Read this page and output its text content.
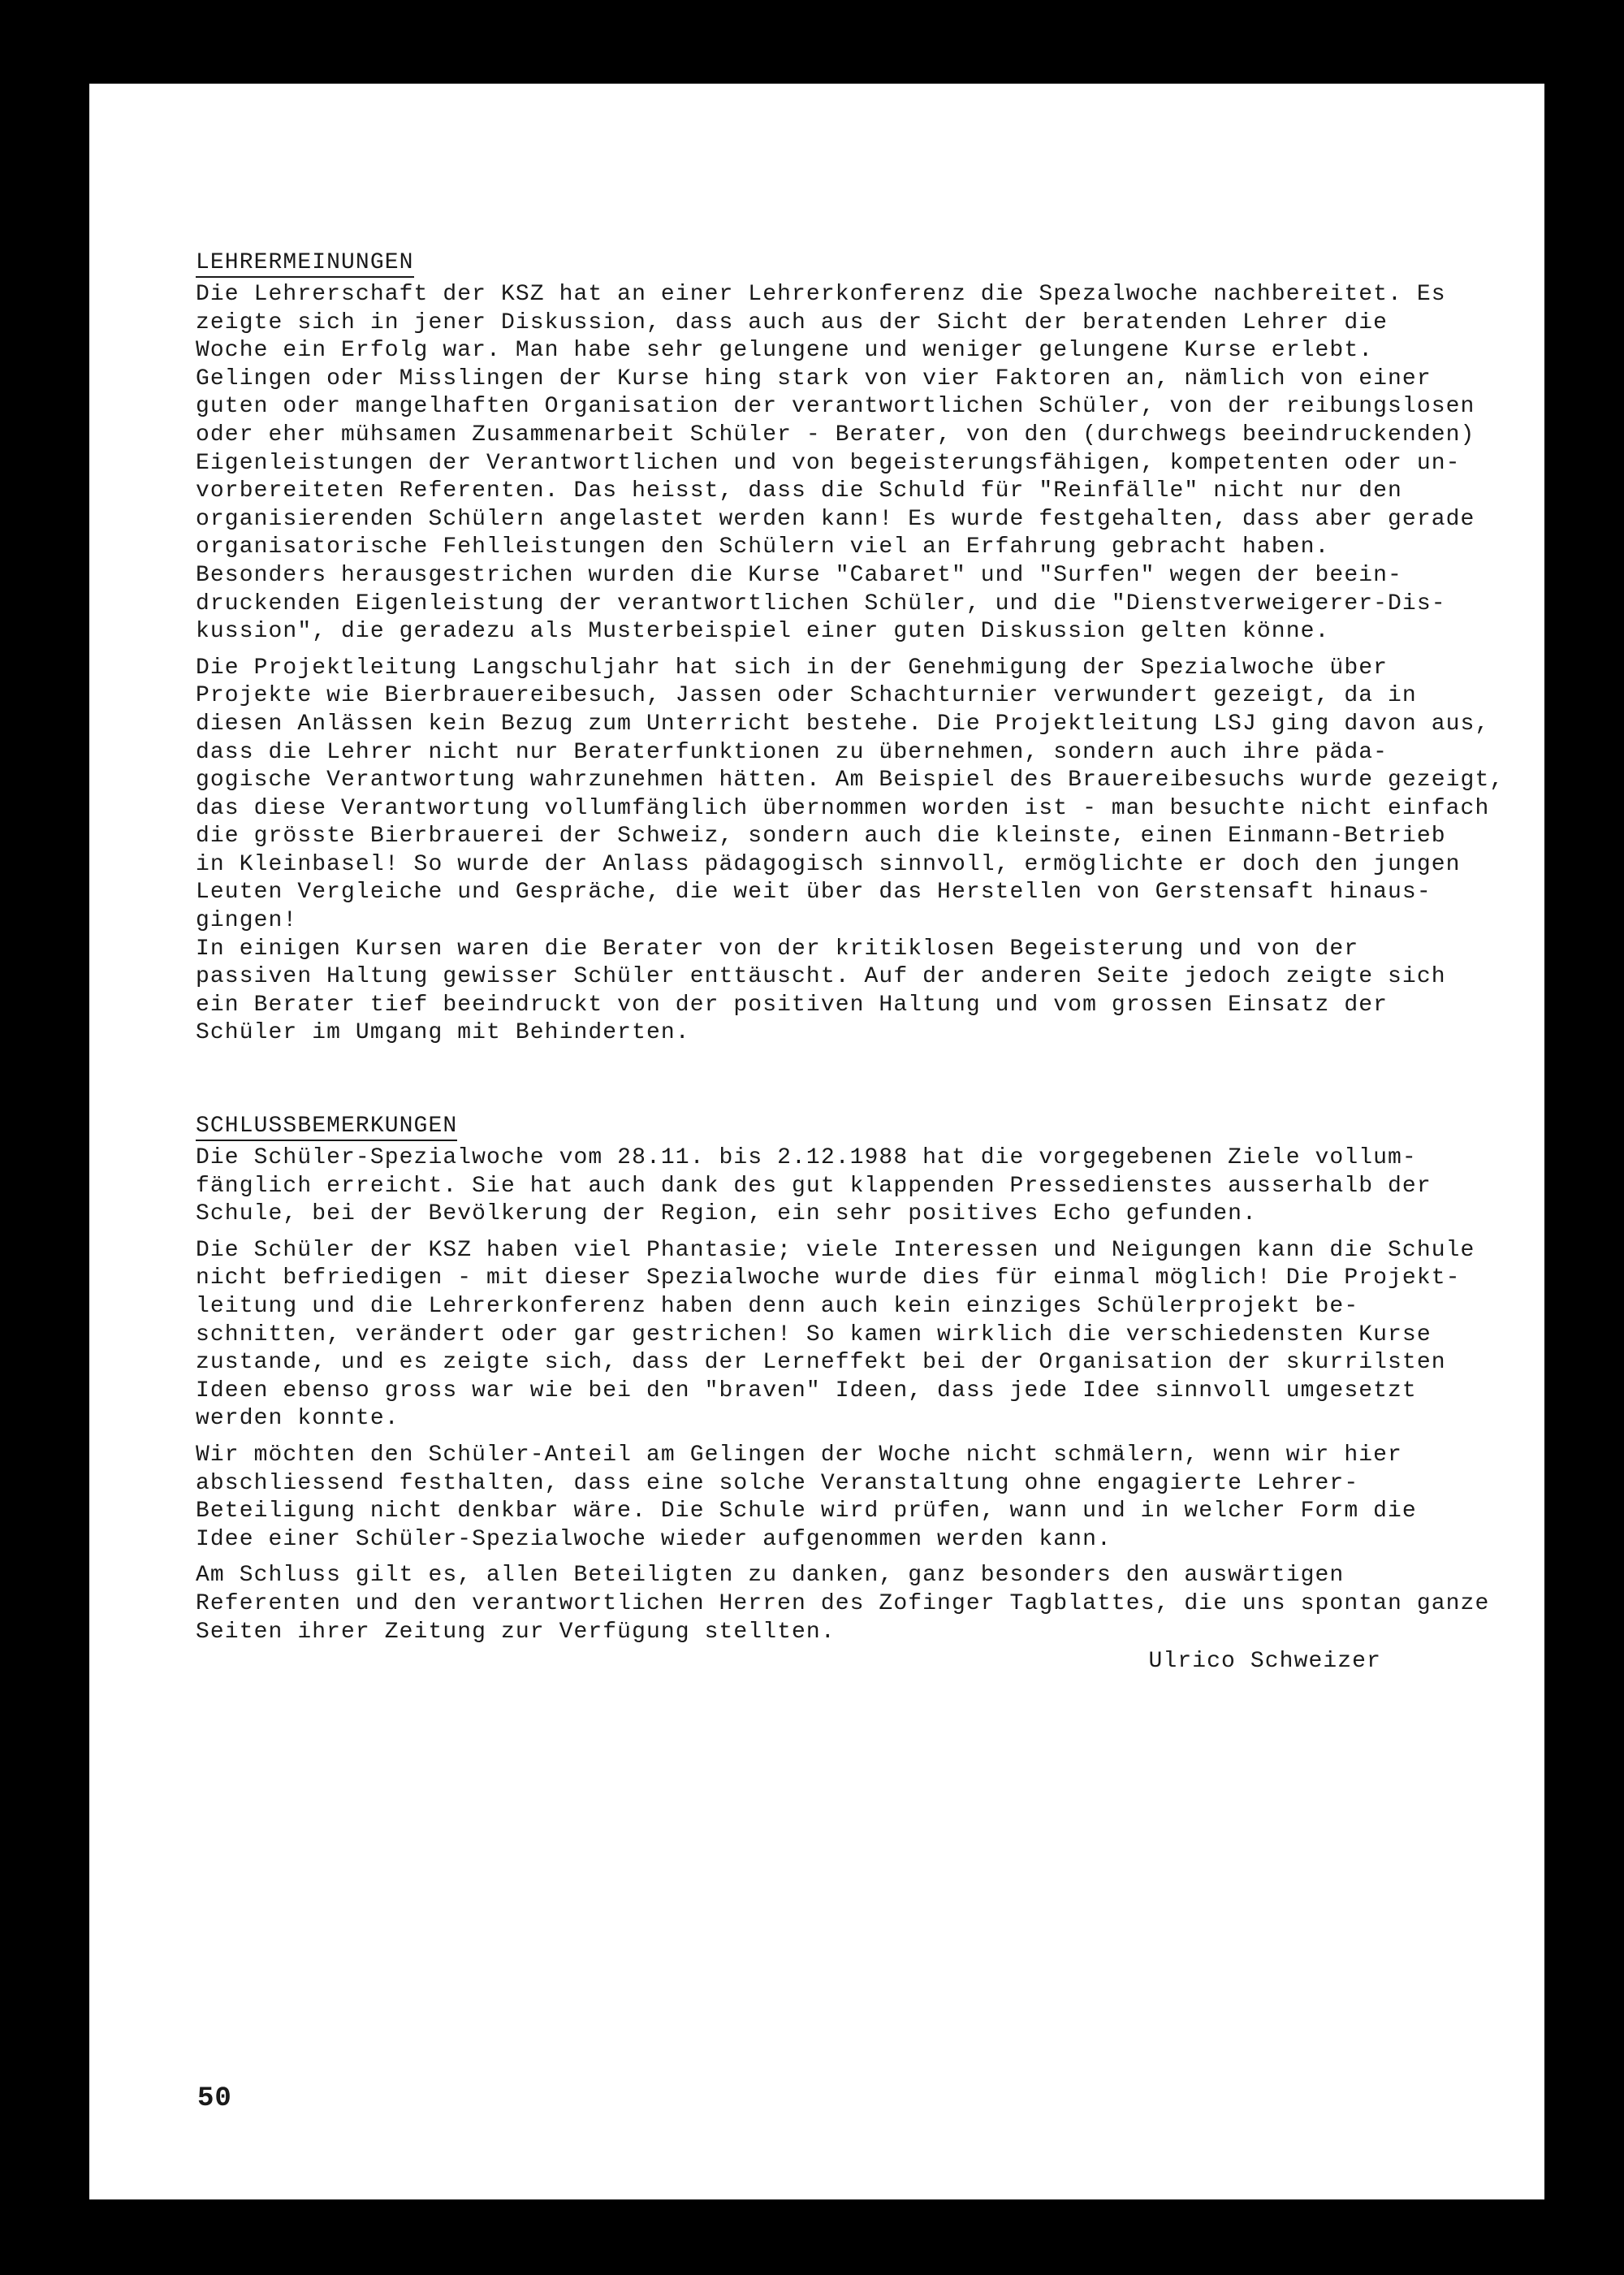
LEHRERMEINUNGEN
Die Lehrerschaft der KSZ hat an einer Lehrerkonferenz die Spezalwoche nachbereitet. Es
zeigte sich in jener Diskussion, dass auch aus der Sicht der beratenden Lehrer die
Woche ein Erfolg war. Man habe sehr gelungene und weniger gelungene Kurse erlebt.
Gelingen oder Misslingen der Kurse hing stark von vier Faktoren an, nämlich von einer
guten oder mangelhaften Organisation der verantwortlichen Schüler, von der reibungslosen
oder eher mühsamen Zusammenarbeit Schüler - Berater, von den (durchwegs beeindruckenden)
Eigenleistungen der Verantwortlichen und von begeisterungsfähigen, kompetenten oder un-
vorbereiteten Referenten. Das heisst, dass die Schuld für "Reinfälle" nicht nur den
organisierenden Schülern angelastet werden kann! Es wurde festgehalten, dass aber gerade
organisatorische Fehlleistungen den Schülern viel an Erfahrung gebracht haben.
Besonders herausgestrichen wurden die Kurse "Cabaret" und "Surfen" wegen der beein-
druckenden Eigenleistung der verantwortlichen Schüler, und die "Dienstverweigerer-Dis-
kussion", die geradezu als Musterbeispiel einer guten Diskussion gelten könne.
Die Projektleitung Langschuljahr hat sich in der Genehmigung der Spezialwoche über
Projekte wie Bierbrauereibesuch, Jassen oder Schachturnier verwundert gezeigt, da in
diesen Anlässen kein Bezug zum Unterricht bestehe. Die Projektleitung LSJ ging davon aus,
dass die Lehrer nicht nur Beraterfunktionen zu übernehmen, sondern auch ihre päda-
gogische Verantwortung wahrzunehmen hätten. Am Beispiel des Brauereibesuchs wurde gezeigt,
das diese Verantwortung vollumfänglich übernommen worden ist - man besuchte nicht einfach
die grösste Bierbrauerei der Schweiz, sondern auch die kleinste, einen Einmann-Betrieb
in Kleinbasel! So wurde der Anlass pädagogisch sinnvoll, ermöglichte er doch den jungen
Leuten Vergleiche und Gespräche, die weit über das Herstellen von Gerstensaft hinaus-
gingen!
In einigen Kursen waren die Berater von der kritiklosen Begeisterung und von der
passiven Haltung gewisser Schüler enttäuscht. Auf der anderen Seite jedoch zeigte sich
ein Berater tief beeindruckt von der positiven Haltung und vom grossen Einsatz der
Schüler im Umgang mit Behinderten.
SCHLUSSBEMERKUNGEN
Die Schüler-Spezialwoche vom 28.11. bis 2.12.1988 hat die vorgegebenen Ziele vollum-
fänglich erreicht. Sie hat auch dank des gut klappenden Pressedienstes ausserhalb der
Schule, bei der Bevölkerung der Region, ein sehr positives Echo gefunden.
Die Schüler der KSZ haben viel Phantasie; viele Interessen und Neigungen kann die Schule
nicht befriedigen - mit dieser Spezialwoche wurde dies für einmal möglich! Die Projekt-
leitung und die Lehrerkonferenz haben denn auch kein einziges Schülerprojekt be-
schnitten, verändert oder gar gestrichen! So kamen wirklich die verschiedensten Kurse
zustande, und es zeigte sich, dass der Lerneffekt bei der Organisation der skurrilsten
Ideen ebenso gross war wie bei den "braven" Ideen, dass jede Idee sinnvoll umgesetzt
werden konnte.
Wir möchten den Schüler-Anteil am Gelingen der Woche nicht schmälern, wenn wir hier
abschliessend festhalten, dass eine solche Veranstaltung ohne engagierte Lehrer-
Beteiligung nicht denkbar wäre. Die Schule wird prüfen, wann und in welcher Form die
Idee einer Schüler-Spezialwoche wieder aufgenommen werden kann.
Am Schluss gilt es, allen Beteiligten zu danken, ganz besonders den auswärtigen
Referenten und den verantwortlichen Herren des Zofinger Tagblattes, die uns spontan ganze
Seiten ihrer Zeitung zur Verfügung stellten.
Ulrico Schweizer
50
